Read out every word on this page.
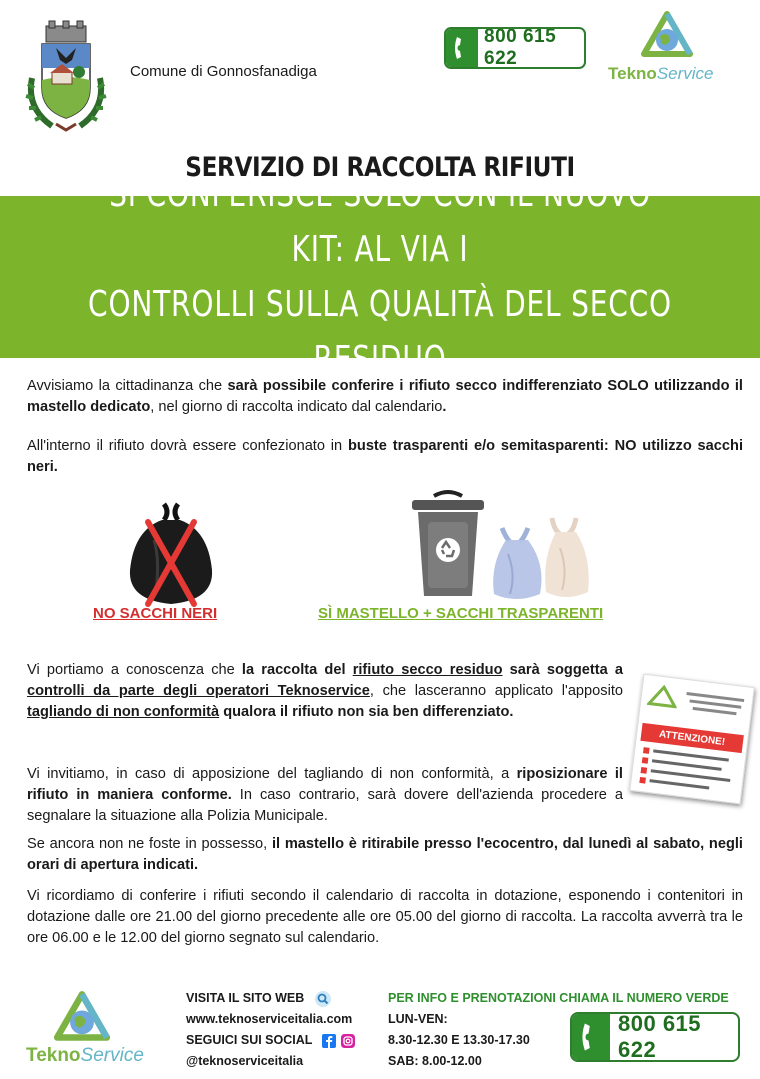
Comune di Gonnosfanadiga
800 615 622
TeknoService
SERVIZIO DI RACCOLTA RIFIUTI
SI CONFERISCE SOLO CON IL NUOVO KIT: AL VIA I
CONTROLLI SULLA QUALITÀ DEL SECCO RESIDUO
Avvisiamo la cittadinanza che sarà possibile conferire i rifiuto secco indifferenziato SOLO utilizzando il mastello dedicato, nel giorno di raccolta indicato dal calendario.
All'interno il rifiuto dovrà essere confezionato in buste trasparenti e/o semitasparenti: NO utilizzo sacchi neri.
NO SACCHI NERI	SÌ MASTELLO + SACCHI TRASPARENTI
Vi portiamo a conoscenza che la raccolta del rifiuto secco residuo sarà soggetta a controlli da parte degli operatori Teknoservice, che lasceranno applicato l'apposito tagliando di non conformità qualora il rifiuto non sia ben differenziato.
Vi invitiamo, in caso di apposizione del tagliando di non conformità, a riposizionare il rifiuto in maniera conforme. In caso contrario, sarà dovere dell'azienda procedere a segnalare la situazione alla Polizia Municipale.
ATTENZIONE!
Se ancora non ne foste in possesso, il mastello è ritirabile presso l'ecocentro, dal lunedì al sabato, negli orari di apertura indicati.
Vi ricordiamo di conferire i rifiuti secondo il calendario di raccolta in dotazione, esponendo i contenitori in dotazione dalle ore 21.00 del giorno precedente alle ore 05.00 del giorno di raccolta. La raccolta avverrà tra le ore 06.00 e le 12.00 del giorno segnato sul calendario.
TeknoService
VISITA IL SITO WEB
www.teknoserviceitalia.com
SEGUICI SUI SOCIAL
@teknoserviceitalia
PER INFO E PRENOTAZIONI CHIAMA IL NUMERO VERDE
LUN-VEN:
8.30-12.30 E 13.30-17.30
SAB: 8.00-12.00
800 615 622
